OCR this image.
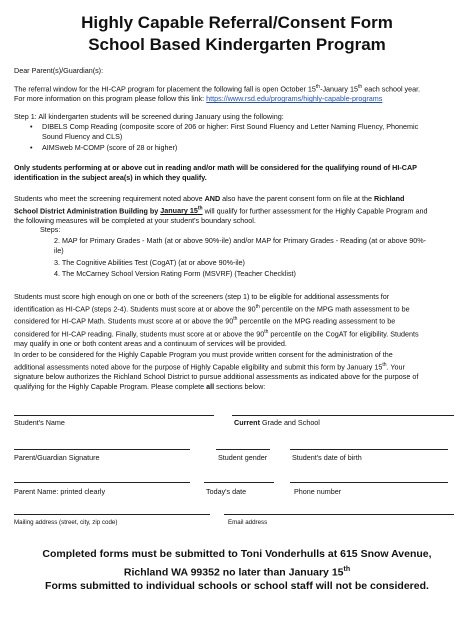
Highly Capable Referral/Consent Form
School Based Kindergarten Program
Dear Parent(s)/Guardian(s):

The referral window for the HI-CAP program for placement the following fall is open October 15th-January 15th each school year.

For more information on this program please follow this link: https://www.rsd.edu/programs/highly-capable-programs

Step 1: All kindergarten students will be screened during January using the following:
• DIBELS Comp Reading (composite score of 206 or higher: First Sound Fluency and Letter Naming Fluency, Phonemic
Sound Fluency and CLS)
• AIMSweb M-COMP (score of 28 or higher)

Only students performing at or above cut in reading and/or math will be considered for the qualifying round of HI-CAP

identification in the subject area(s) in which they qualify.

Students who meet the screening requirement noted above AND also have the parent consent form on file at the Richland

School District Administration Building by January 15th will qualify for further assessment for the Highly Capable Program and

the following measures will be completed at your student's boundary school.

Steps:
2. MAP for Primary Grades - Math (at or above 90%-ile) and/or MAP for Primary Grades - Reading (at or above 90%-
ile)
3. The Cognitive Abilities Test (CogAT) (at or above 90%-ile)
4. The McCarney School Version Rating Form (MSVRF) (Teacher Checklist)

Students must score high enough on one or both of the screeners (step 1) to be eligible for additional assessments for

identification as HI-CAP (steps 2-4). Students must score at or above the 90th percentile on the MPG math assessment to be

considered for HI-CAP Math. Students must score at or above the 90th percentile on the MPG reading assessment to be

considered for HI-CAP reading. Finally, students must score at or above the 90th percentile on the CogAT for eligibility. Students

may qualify in one or both content areas and a continuum of services will be provided.

In order to be considered for the Highly Capable Program you must provide written consent for the administration of the

additional assessments noted above for the purpose of Highly Capable eligibility and submit this form by January 15th. Your

signature below authorizes the Richland School District to pursue additional assessments as indicated above for the purpose of

qualifying for the Highly Capable Program. Please complete all sections below:

Student's Name	Current Grade and School
Parent/Guardian Signature	Student gender	Student's date of birth
Parent Name: printed clearly	Today's date	Phone number
Mailing address (street, city, zip code)	Email address
Completed forms must be submitted to Toni Vonderhulls at 615 Snow Avenue,
Richland WA 99352 no later than January 15th
Forms submitted to individual schools or school staff will not be considered.
